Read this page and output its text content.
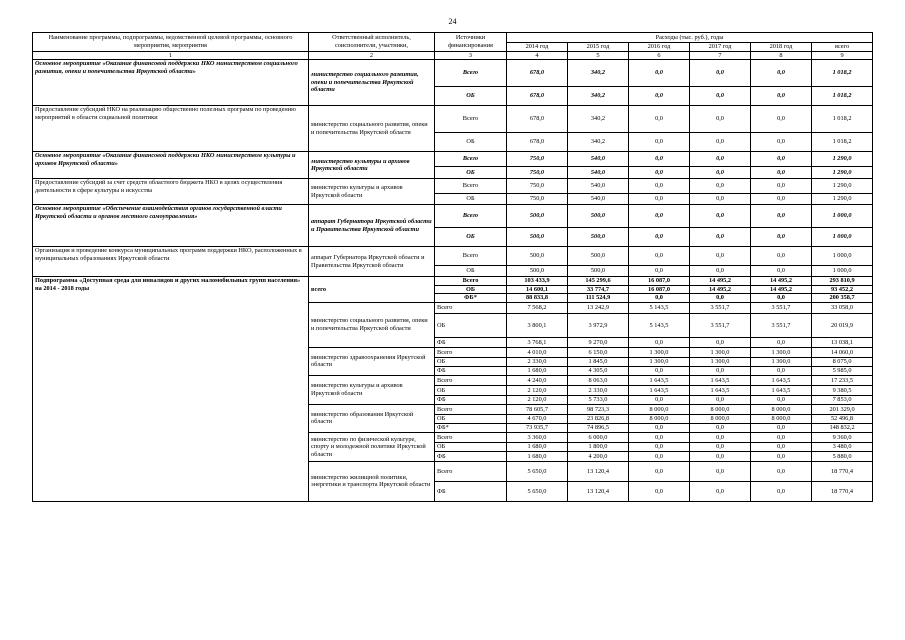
24
Наименование программы, подпрограммы, ведомственной целевой программы, основного мероприятия, мероприятия	Ответственный исполнитель, соисполнители, участники,	Источники финансирования	Расходы (тыс. руб.), годы					
			2014 год	2015 год	2016 год	2017 год	2018 год	всего
1	2	3	4	5	6	7	8	9
Основное мероприятие «Оказание финансовой поддержки НКО министерством социального развития, опеки и попечительства Иркутской области»	министерство социального развития, опеки и попечительства Иркутской области	Всего	678,0	340,2	0,0	0,0	0,0	1 018,2
		ОБ	678,0	340,2	0,0	0,0	0,0	1 018,2
Предоставление субсидий НКО на реализацию общественно полезных программ по проведению мероприятий в области социальной политики	министерство социального развития, опеки и попечительства Иркутской области	Всего	678,0	340,2	0,0	0,0	0,0	1 018,2
		ОБ	678,0	340,2	0,0	0,0	0,0	1 018,2
Основное мероприятие «Оказание финансовой поддержки НКО министерством культуры и архивов Иркутской области»	министерство культуры и архивов Иркутской области	Всего	750,0	540,0	0,0	0,0	0,0	1 290,0
		ОБ	750,0	540,0	0,0	0,0	0,0	1 290,0
Предоставление субсидий за счет средств областного бюджета НКО в целях осуществления деятельности в сфере культуры и искусства	министерство культуры и архивов Иркутской области	Всего	750,0	540,0	0,0	0,0	0,0	1 290,0
		ОБ	750,0	540,0	0,0	0,0	0,0	1 290,0
Основное мероприятие «Обеспечение взаимодействия органов государственной власти Иркутской области и органов местного самоуправления»	аппарат Губернатора Иркутской области и Правительства Иркутской области	Всего	500,0	500,0	0,0	0,0	0,0	1 000,0
		ОБ	500,0	500,0	0,0	0,0	0,0	1 000,0
Организация и проведение конкурса муниципальных программ поддержки НКО, расположенных в муниципальных образованиях Иркутской области	аппарат Губернатора Иркутской области и Правительства Иркутской области	Всего	500,0	500,0	0,0	0,0	0,0	1 000,0
		ОБ	500,0	500,0	0,0	0,0	0,0	1 000,0
Подпрограмма «Доступная среда для инвалидов и других маломобильных групп населения» на 2014 - 2018 годы	всего	Всего	103 433,9	145 299,6	16 087,0	14 495,2	14 495,2	293 810,9
		ОБ	14 600,1	33 774,7	16 087,0	14 495,2	14 495,2	93 452,2
		ФБ*	88 833,8	111 524,9	0,0	0,0	0,0	200 358,7
	министерство социального развития, опеки и попечительства Иркутской области	Всего	7 568,2	13 242,9	5 143,5	3 551,7	3 551,7	33 058,0
		ОБ	3 800,1	3 972,9	5 143,5	3 551,7	3 551,7	20 019,9
		ФБ	3 768,1	9 270,0	0,0	0,0	0,0	13 038,1
	министерство здравоохранения Иркутской области	Всего	4 010,0	6 150,0	1 300,0	1 300,0	1 300,0	14 060,0
		ОБ	2 330,0	1 845,0	1 300,0	1 300,0	1 300,0	8 075,0
		ФБ	1 680,0	4 305,0	0,0	0,0	0,0	5 985,0
	министерство культуры и архивов Иркутской области	Всего	4 240,0	8 063,0	1 643,5	1 643,5	1 643,5	17 233,5
		ОБ	2 120,0	2 330,0	1 643,5	1 643,5	1 643,5	9 380,5
		ФБ	2 120,0	5 733,0	0,0	0,0	0,0	7 853,0
	министерство образования Иркутской области	Всего	78 605,7	98 723,3	8 000,0	8 000,0	8 000,0	201 329,0
		ОБ	4 670,0	23 826,8	8 000,0	8 000,0	8 000,0	52 496,8
		ФБ*	73 935,7	74 896,5	0,0	0,0	0,0	148 832,2
	министерство по физической культуре, спорту и молодежной политике Иркутской области	Всего	3 360,0	6 000,0	0,0	0,0	0,0	9 360,0
		ОБ	1 680,0	1 800,0	0,0	0,0	0,0	3 480,0
		ФБ	1 680,0	4 200,0	0,0	0,0	0,0	5 880,0
	министерство жилищной политики, энергетики и транспорта Иркутской области	Всего	5 650,0	13 120,4	0,0	0,0	0,0	18 770,4
		ФБ	5 650,0	13 120,4	0,0	0,0	0,0	18 770,4
